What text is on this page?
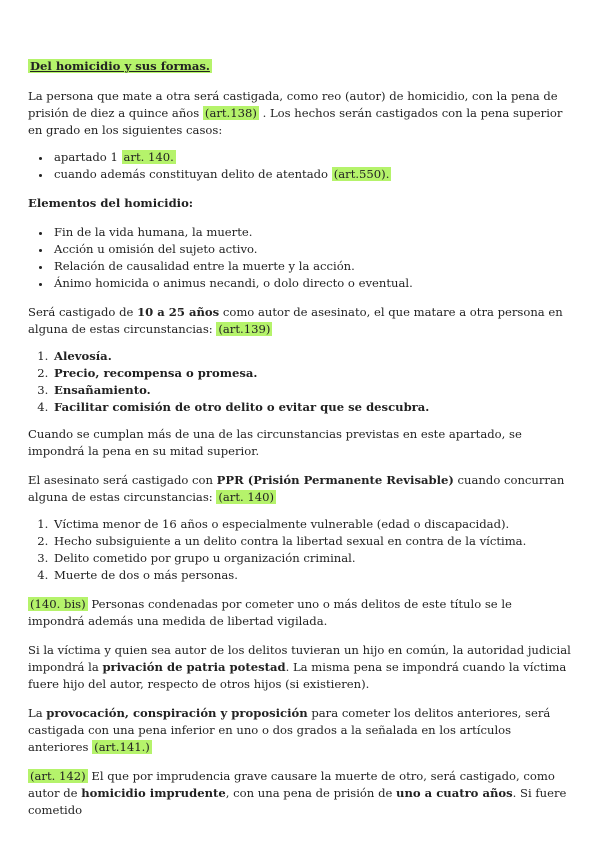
Del homicidio y sus formas.

La persona que mate a otra será castigada, como reo (autor) de homicidio, con la pena de prisión de diez a quince años (art.138) . Los hechos serán castigados con la pena superior en grado en los siguientes casos:

• apartado 1 art. 140.
• cuando además constituyan delito de atentado (art.550).

Elementos del homicidio:

• Fin de la vida humana, la muerte.
• Acción u omisión del sujeto activo.
• Relación de causalidad entre la muerte y la acción.
• Ánimo homicida o animus necandi, o dolo directo o eventual.

Será castigado de 10 a 25 años como autor de asesinato, el que matare a otra persona en alguna de estas circunstancias: (art.139)

1. Alevosía.
2. Precio, recompensa o promesa.
3. Ensañamiento.
4. Facilitar comisión de otro delito o evitar que se descubra.

Cuando se cumplan más de una de las circunstancias previstas en este apartado, se impondrá la pena en su mitad superior.

El asesinato será castigado con PPR (Prisión Permanente Revisable) cuando concurran alguna de estas circunstancias: (art. 140)

1. Víctima menor de 16 años o especialmente vulnerable (edad o discapacidad).
2. Hecho subsiguiente a un delito contra la libertad sexual en contra de la víctima.
3. Delito cometido por grupo u organización criminal.
4. Muerte de dos o más personas.

(140. bis) Personas condenadas por cometer uno o más delitos de este título se le impondrá además una medida de libertad vigilada.

Si la víctima y quien sea autor de los delitos tuvieran un hijo en común, la autoridad judicial impondrá la privación de patria potestad. La misma pena se impondrá cuando la víctima fuere hijo del autor, respecto de otros hijos (si existieren).

La provocación, conspiración y proposición para cometer los delitos anteriores, será castigada con una pena inferior en uno o dos grados a la señalada en los artículos anteriores (art.141.)

(art. 142) El que por imprudencia grave causare la muerte de otro, será castigado, como autor de homicidio imprudente, con una pena de prisión de uno a cuatro años. Si fuere cometido
